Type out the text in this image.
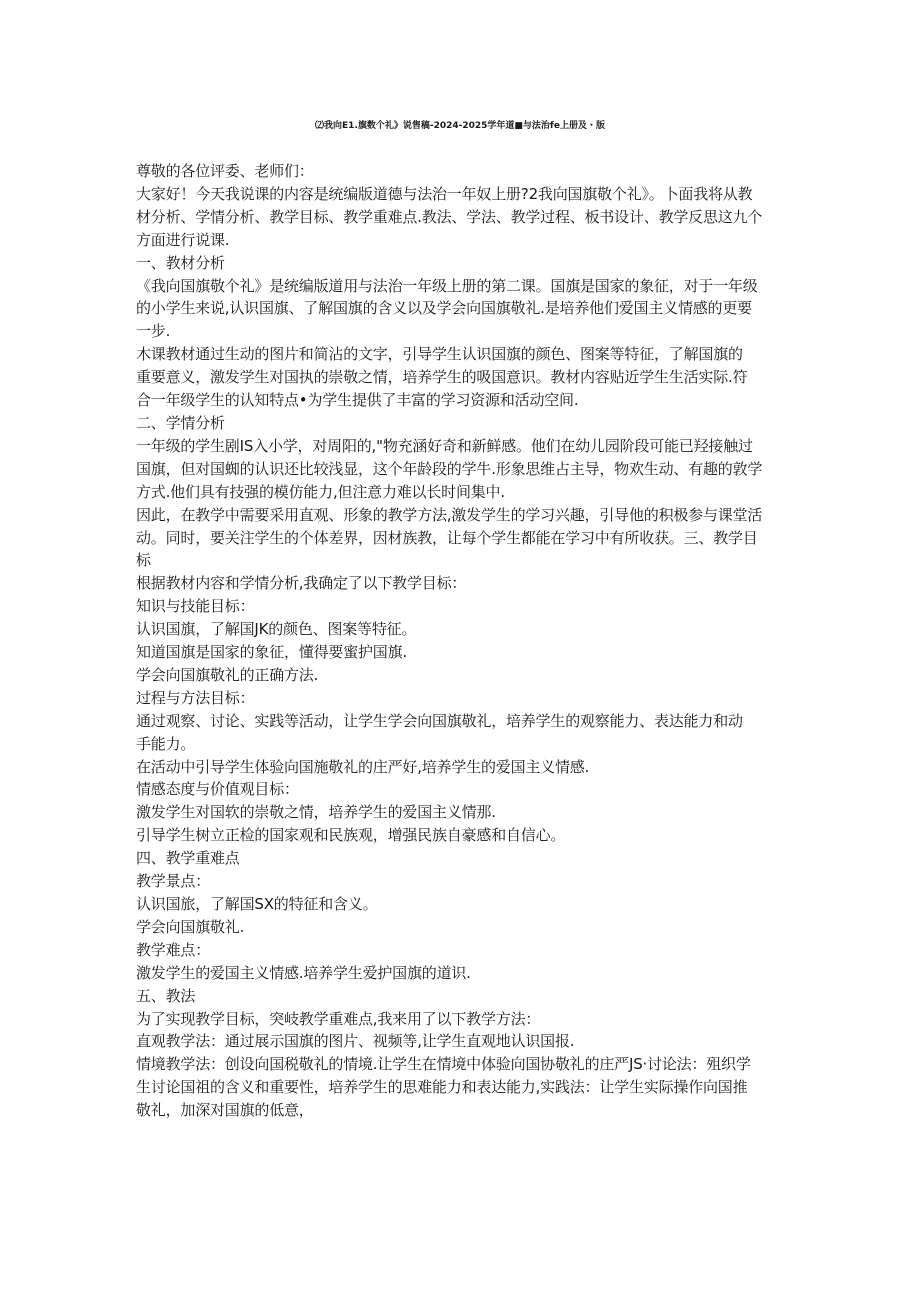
⑵我向E1.旗数个礼》说售稿-2024-2025学年道■与法治fe上册及・版

尊敬的各位评委、老师们：

大家好！今天我说课的内容是统编版道德与法治一年奴上册?2我向国旗敬个礼》。卜面我将从教

材分析、学情分析、教学目标、教学重难点.教法、学法、教学过程、板书设计、教学反思这九个

方面进行说课.

一、教材分析

《我向国旗敬个礼》是统编版道用与法治一年级上册的第二课。国旗是国家的象征，对于一年级

的小学生来说,认识国旗、了解国旗的含义以及学会向国旗敬礼.是培养他们爱国主义情感的更要

一步.

木课教材通过生动的图片和简沾的文字，引导学生认识国旗的颜色、图案等特征，了解国旗的

重要意义，激发学生对国执的崇敬之情，培养学生的吸国意识。教材内容贴近学生生活实际.符

合一年级学生的认知特点•为学生提供了丰富的学习资源和活动空间.

二、学情分析

一年级的学生剧IS入小学，对周阳的,"物充涵好奇和新鲜感。他们在幼儿园阶段可能已羟接触过

国旗，但对国蜘的认识还比较浅显，这个年龄段的学牛.形象思维占主导，物欢生动、有趣的敦学

方式.他们具有技强的模仿能力,但注意力难以长时间集中.

因此，在教学中需要采用直观、形象的教学方法,激发学生的学习兴趣，引导他的积极参与课堂活

动。同时，要关注学生的个体差界，因材族教，让每个学生都能在学习中有所收获。三、教学目

标

根据教材内容和学情分析,我确定了以下教学目标：

知识与技能目标：

认识国旗，了解国JK的颜色、图案等特征。

知道国旗是国家的象征，懂得要蜜护国旗.

学会向国旗敬礼的正确方法.

过程与方法目标：

通过观察、讨论、实践等活动，让学生学会向国旗敬礼，培养学生的观察能力、表达能力和动

手能力。

在活动中引导学生体验向国施敬礼的庄严好,培养学生的爱国主义情感.

情感态度与价值观目标：

激发学生对国软的崇敬之情，培养学生的爱国主义情那.

引导学生树立正检的国家观和民族观，增强民族自豪感和自信心。

四、教学重难点

教学景点：

认识国旅，了解国SX的特征和含义。

学会向国旗敬礼.

教学难点：

激发学生的爱国主义情感.培养学生爱护国旗的道识.

五、教法

为了实现教学目标，突岐教学重难点,我来用了以下教学方法：

直观教学法：通过展示国旗的图片、视频等,让学生直观地认识国报.

情境教学法：创设向国税敬礼的情境.让学生在情境中体验向国协敬礼的庄严JS·讨论法：殂织学

生讨论国祖的含义和重要性，培养学生的思难能力和表达能力,实践法：让学生实际操作向国推

敬礼，加深对国旗的低意，
